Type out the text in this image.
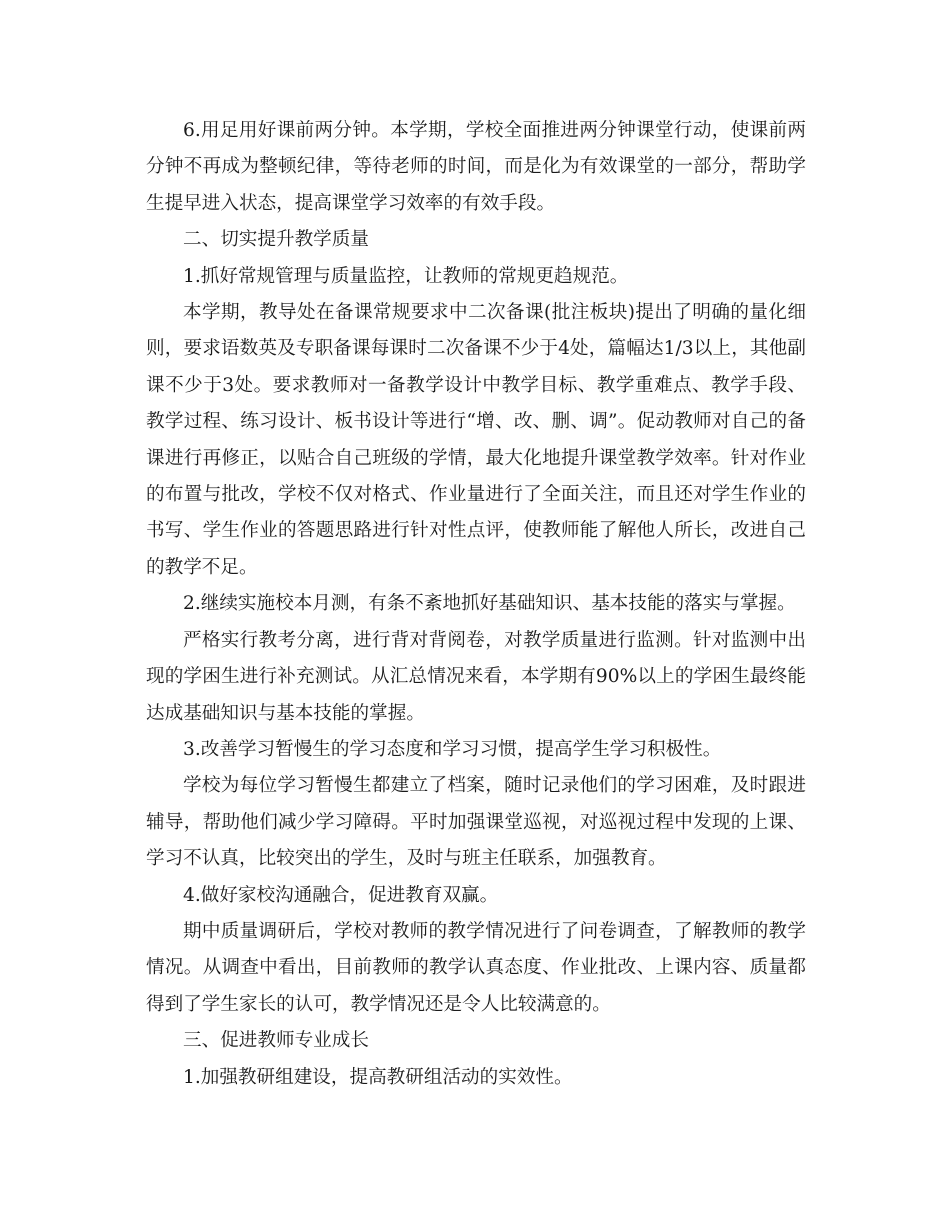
6.用足用好课前两分钟。本学期，学校全面推进两分钟课堂行动，使课前两分钟不再成为整顿纪律，等待老师的时间，而是化为有效课堂的一部分，帮助学生提早进入状态，提高课堂学习效率的有效手段。

二、切实提升教学质量

1.抓好常规管理与质量监控，让教师的常规更趋规范。

本学期，教导处在备课常规要求中二次备课(批注板块)提出了明确的量化细则，要求语数英及专职备课每课时二次备课不少于4处，篇幅达1/3以上，其他副课不少于3处。要求教师对一备教学设计中教学目标、教学重难点、教学手段、教学过程、练习设计、板书设计等进行“增、改、删、调”。促动教师对自己的备课进行再修正，以贴合自己班级的学情，最大化地提升课堂教学效率。针对作业的布置与批改，学校不仅对格式、作业量进行了全面关注，而且还对学生作业的书写、学生作业的答题思路进行针对性点评，使教师能了解他人所长，改进自己的教学不足。

2.继续实施校本月测，有条不紊地抓好基础知识、基本技能的落实与掌握。

严格实行教考分离，进行背对背阅卷，对教学质量进行监测。针对监测中出现的学困生进行补充测试。从汇总情况来看，本学期有90%以上的学困生最终能达成基础知识与基本技能的掌握。

3.改善学习暂慢生的学习态度和学习习惯，提高学生学习积极性。

学校为每位学习暂慢生都建立了档案，随时记录他们的学习困难，及时跟进辅导，帮助他们减少学习障碍。平时加强课堂巡视，对巡视过程中发现的上课、学习不认真，比较突出的学生，及时与班主任联系，加强教育。

4.做好家校沟通融合，促进教育双赢。

期中质量调研后，学校对教师的教学情况进行了问卷调查，了解教师的教学情况。从调查中看出，目前教师的教学认真态度、作业批改、上课内容、质量都得到了学生家长的认可，教学情况还是令人比较满意的。

三、促进教师专业成长

1.加强教研组建设，提高教研组活动的实效性。
